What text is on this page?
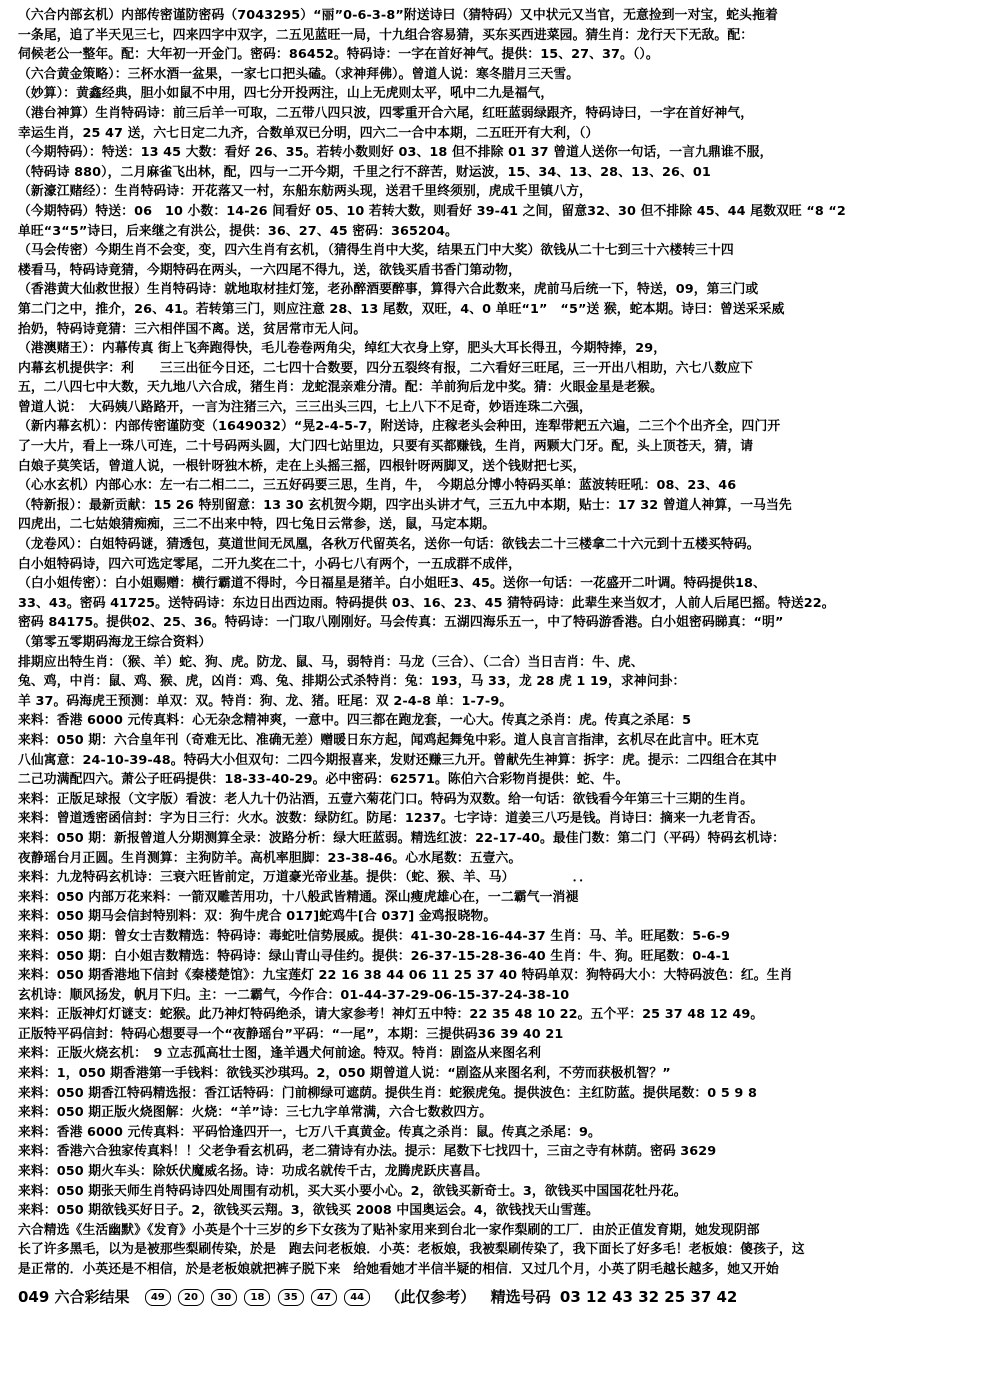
（六合内部玄机）内部传密谨防密码（7043295）“丽”0-6-3-8”附送诗曰（猜特码）又中状元又当官，无意捡到一对宝，蛇头拖着
一条尾，追了半天见三七，四来四字中双字，二五见蓝旺一局，十九组合容易猜，买东买西进菜园。猜生肖：龙行天下无敌。配：
伺候老公一整年。配：大年初一开金门。密码：86452。特码诗：一字在首好神气。提供：15、27、37。（）。
（六合黄金策略）：三杯水酒一盆果，一家七口把头磕。（求神拜佛）。曾道人说：寒冬腊月三天雪。
（妙算）：黄鑫经典，胆小如鼠不中用，四七分开投两注，山上无虎则太平，吼中二九是福气，
（港台神算）生肖特码诗：前三后羊一可取，二五带八四只波，四零重开合六尾，红旺蓝弱绿跟齐，特码诗曰，一字在首好神气，
幸运生肖，25 47 送，六七日定二九齐，合数单双已分明，四六二一合中本期，二五旺开有大利，（）
（今期特码）：特送：13 45 大数：看好 26、35。若转小数则好 03、18 但不排除 01 37 曾道人送你一句话，一言九鼎谁不服，
（特码诗 880），二月麻雀飞出林，配，四与一二开今期，千里之行不辞苦，财运波，15、34、13、28、13、26、01
（新濠江赌经）：生肖特码诗：开花落又一村，东船东舫两头现，送君千里终须别，虎成千里镇八方，
（今期特码）特送：06　10 小数：14-26 间看好 05、10 若转大数，则看好 39-41 之间，留意32、30 但不排除 45、44 尾数双旺 “8 “2
单旺“3“5”诗曰，后来继之有洪公，提供：36、27、45 密码：365204。
（马会传密）今期生肖不会变，变，四六生肖有玄机，（猜得生肖中大奖，结果五门中大奖）欲钱从二十七到三十六楼转三十四
楼看马，特码诗竟猜，今期特码在两头，一六四尾不得九，送，欲钱买盾书香门第动物，
（香港黄大仙救世报）生肖特码诗：就地取材挂灯笼，老孙醉酒要醉事，算得六合此数来，虎前马后统一下，特送，09，第三门或
第二门之中，推介，26、41。若转第三门，则应注意 28、13 尾数，双旺，4、0 单旺“1”　“5”送 猴，蛇本期。诗曰：曾送采采威
抬奶，特码诗竟猜：三六相伴国不离。送，贫居常市无人问。
（港澳赌王）：内幕传真 街上飞奔跑得快，毛儿卷卷两角尖，绰红大衣身上穿，肥头大耳长得丑，今期特捧，29，
内幕玄机提供字：利　　三三出征今日还，二七四十合数要，四分五裂终有报，二六看好三旺尾，三一开出八相助，六七八数应下
五，二八四七中大数，天九地八六合成，猪生肖：龙蛇混亲难分清。配：羊前狗后龙中奖。猜：火眼金星是老猴。
曾道人说：　大码姨八路路开，一言为注猪三六，三三出头三四，七上八下不足奇，妙语连珠二六强，
（新内幕玄机）：内部传密谨防变（1649032）“晃2-4-5-7，附送诗，庄稼老头会种田，连犁带耙五六遍，二三个个出齐全，四门开
了一大片，看上一珠八可连，二十号码两头圆，大门四七站里边，只要有买都赚钱，生肖，两颗大门牙。配，头上顶苍天，猜，请
白娘子莫笑话，曾道人说，一根针呀独木桥，走在上头摇三摇，四根针呀两脚叉，送个钱财把七买，
（心水玄机）内部心水：左一右二相二二，三五好码要三思，生肖，牛，　今期总分博小特码买单：蓝波转旺吼：08、23、46
（特新报）：最新贡献：15 26 特别留意：13 30 玄机贺今期，四字出头讲才气，三五九中本期，贴士：17 32 曾道人神算，一马当先
四虎出，二七姑娘猜痴痴，三二不出来中特，四七兔日云常参，送，鼠，马定本期。
（龙卷风）：白姐特码谜，猜透包，莫道世间无凤凰，各秋万代留英名，送你一句话：欲钱去二十三楼拿二十六元到十五楼买特码。
白小姐特码诗，四六可选定零尾，二开九奖在二十，小码七八有两个，一五成群不成伴，
（白小姐传密）：白小姐赐赠：横行霸道不得时，今日福星是猪羊。白小姐旺3、45。送你一句话：一花盛开二叶调。特码提供18、
33、43。密码 41725。送特码诗：东边日出西边雨。特码提供 03、16、23、45 猜特码诗：此辈生来当奴才，人前人后尾巴摇。特送22。
密码 84175。提供02、25、36。特码诗：一门取八刚刚好。马会传真：五湖四海乐五一，中了特码游香港。白小姐密码睇真：“明”
（第零五零期码海龙王综合资料）
排期应出特生肖：（猴、羊）蛇、狗、虎。防龙、鼠、马，弱特肖：马龙（三合）、（二合）当日吉肖：牛、虎、
兔、鸡，中肖：鼠、鸡、猴、虎，凶肖：鸡、兔、排期公式杀特肖：兔：193，马 33，龙 28 虎 1 19，求神问卦：
羊 37。码海虎王预测：单双：双。特肖：狗、龙、猪。旺尾：双 2-4-8 单：1-7-9。
来料：香港 6000 元传真料：心无杂念精神爽，一意中。四三都在跑龙套，一心大。传真之杀肖：虎。传真之杀尾：5
来料：050 期：六合皇年刊（奇难无比、准确无差）赠暖日东方起，闻鸡起舞兔中彩。道人良言言指津，玄机尽在此言中。旺木克
八仙寓意：24-10-39-48。特码大小但双句：二四今期报喜来，发财还赚三九开。曾献先生神算：拆字：虎。提示：二四组合在其中
二己功满配四六。萧公子旺码提供：18-33-40-29。必中密码：62571。陈伯六合彩物肖提供：蛇、牛。
来料：正版足球报（文字版）看波：老人九十仍沾酒，五壹六菊花门口。特码为双数。给一句话：欲钱看今年第三十三期的生肖。
来料：曾道透密函信封：字为日三行：火水。波数：绿防红。防尾：1237。七字诗：道姜三八巧是钱。肖诗曰：摘来一九老肯否。
来料：050 期：新报曾道人分期测算全录：波路分析：绿大旺蓝弱。精选红波：22-17-40。最佳门数：第二门（平码）特码玄机诗：
夜静瑶台月正圆。生肖测算：主狗防羊。高机率胆脚：23-38-46。心水尾数：五壹六。
来料：九龙特码玄机诗：三衰六旺皆前定，万道豪光帝业基。提供：（蛇、猴、羊、马）　　　　　．．
来料：050 内部万花来料：一箭双雕苦用功，十八般武皆精通。深山瘦虎雄心在，一二霸气一消褪
来料：050 期马会信封特别料：双：狗牛虎合 017]蛇鸡牛[合 037] 金鸡报晓物。
来料：050 期：曾女士吉数精选：特码诗：毒蛇吐信势展威。提供：41-30-28-16-44-37 生肖：马、羊。旺尾数：5-6-9
来料：050 期：白小姐吉数精选：特码诗：绿山青山寻佳约。提供：26-37-15-28-36-40 生肖：牛、狗。旺尾数：0-4-1
来料：050 期香港地下信封《秦楼楚馆》：九宝莲灯 22 16 38 44 06 11 25 37 40 特码单双：狗特码大小：大特码波色：红。生肖
玄机诗：顺风扬发，帆月下归。主：一二霸气，今作合：01-44-37-29-06-15-37-24-38-10
来料：正版神灯灯谜支：蛇猴。此乃神灯特码绝杀，请大家参考！神灯五中特：22 35 48 10 22。五个平：25 37 48 12 49。
正版特平码信封：特码心想要寻一个“夜静瑶台”平码：“一尾”，本期：三提供码36 39 40 21
来料：正版火烧玄机：　9 立志孤高壮士图，逢羊遇犬何前途。特双。特肖：剧盗从来图名利
来料：1，050 期香港第一手钱料：欲钱买沙琪玛。2，050 期曾道人说：“剧盗从来图名利，不劳而获极机智？”
来料：050 期香江特码精选报：香江话特码：门前柳绿可遮荫。提供生肖：蛇猴虎兔。提供波色：主红防蓝。提供尾数：0 5 9 8
来料：050 期正版火烧图解：火烧：“羊”诗：三七九字单常满，六合七数救四方。
来料：香港 6000 元传真料：平码恰逢四开一，七万八千真黄金。传真之杀肖：鼠。传真之杀尾：9。
来料：香港六合独家传真料！！父老争看玄机码，老二猜诗有办法。提示：尾数下七找四十，三亩之寺有林荫。密码 3629
来料：050 期火车头：除妖伏魔威名扬。诗：功成名就传千古，龙腾虎跃庆喜昌。
来料：050 期张天师生肖特码诗四处周围有动机，买大买小要小心。2，欲钱买新奇士。3，欲钱买中国国花牡丹花。
来料：050 期欲钱买好日子。2，欲钱买云翔。3，欲钱买 2008 中国奥运会。4，欲钱找天山雪莲。
六合精选《生活幽默》《发育》小英是个十三岁的乡下女孩为了贴补家用来到台北一家作梨刷的工厂．由於正值发育期，她发现阴部
长了许多黑毛，以为是被那些梨刷传染，於是　跑去问老板娘．小英：老板娘，我被梨刷传染了，我下面长了好多毛！老板娘：傻孩子，这
是正常的．小英还是不相信，於是老板娘就把裤子脱下来　给她看她才半信半疑的相信．又过几个月，小英了阴毛越长越多，她又开始
049 六合彩结果 49 20 30 18 35 47 44 （此仅参考） 精选号码 03 12 43 32 25 37 42
